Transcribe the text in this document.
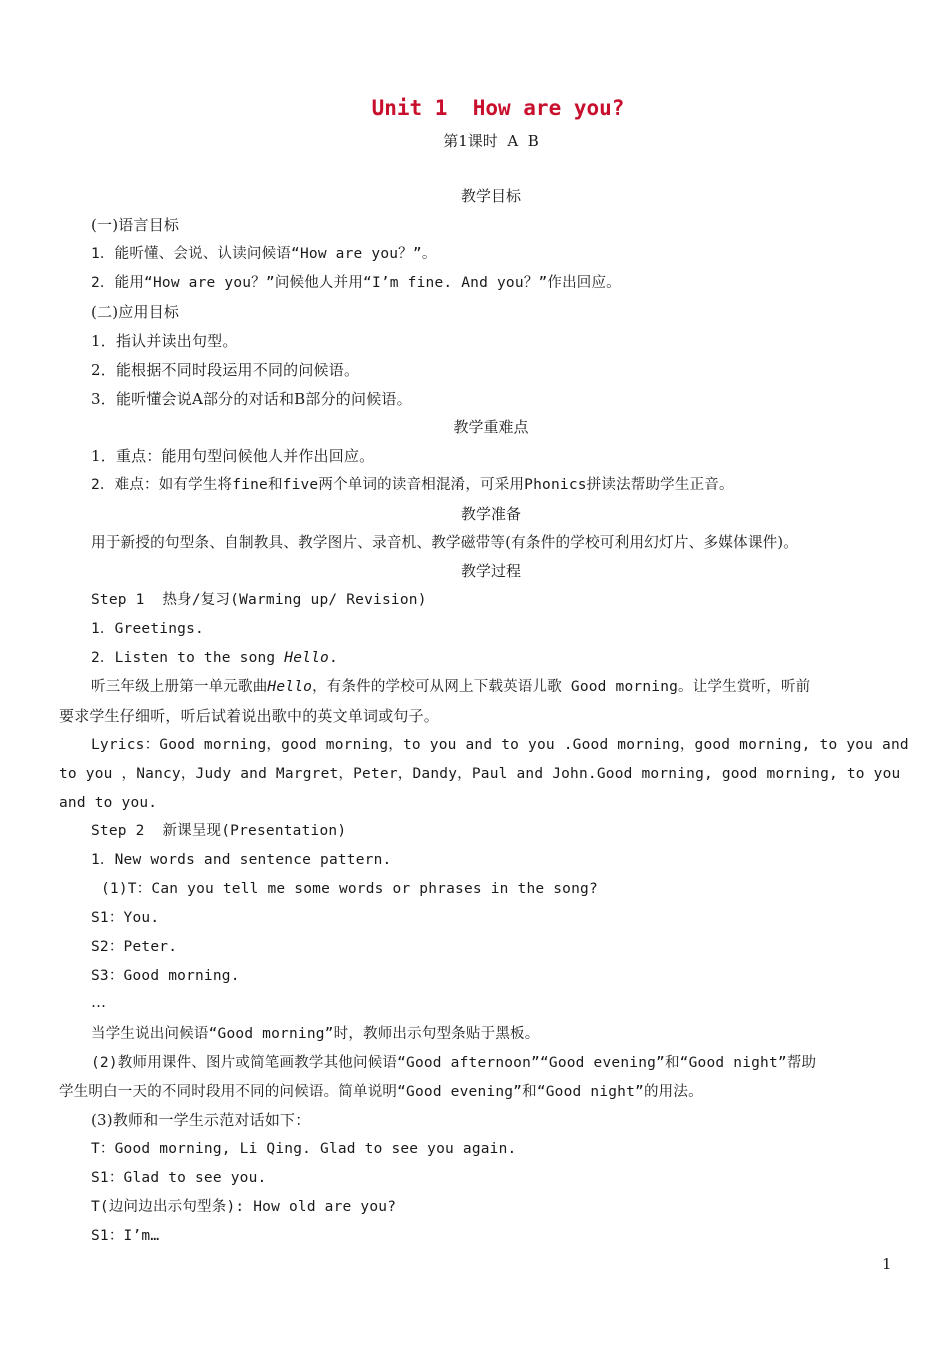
Unit 1  How are you?
第1课时  A  B
教学目标
(一)语言目标
1．能听懂、会说、认读问候语“How are you？”。
2．能用“How are you？”问候他人并用“I’m fine. And you？”作出回应。
(二)应用目标
1．指认并读出句型。
2．能根据不同时段运用不同的问候语。
3．能听懂会说A部分的对话和B部分的问候语。
教学重难点
1．重点：能用句型问候他人并作出回应。
2．难点：如有学生将fine和five两个单词的读音相混淆，可采用Phonics拼读法帮助学生正音。
教学准备
用于新授的句型条、自制教具、教学图片、录音机、教学磁带等(有条件的学校可利用幻灯片、多媒体课件)。
教学过程
Step 1  热身/复习(Warming up/ Revision)
1．Greetings.
2．Listen to the song Hello.
听三年级上册第一单元歌曲Hello，有条件的学校可从网上下载英语儿歌 Good morning。让学生赏听，听前
要求学生仔细听，听后试着说出歌中的英文单词或句子。
Lyrics：Good morning，good morning，to you and to you .Good morning，good morning, to you and
to you ，Nancy，Judy and Margret，Peter，Dandy，Paul and John.Good morning, good morning, to you
and to you.
Step 2  新课呈现(Presentation)
1．New words and sentence pattern.
(1)T：Can you tell me some words or phrases in the song?
S1：You.
S2：Peter.
S3：Good morning.
…
当学生说出问候语“Good morning”时，教师出示句型条贴于黑板。
(2)教师用课件、图片或简笔画教学其他问候语“Good afternoon”“Good evening”和“Good night”帮助
学生明白一天的不同时段用不同的问候语。简单说明“Good evening”和“Good night”的用法。
(3)教师和一学生示范对话如下：
T：Good morning, Li Qing. Glad to see you again.
S1：Glad to see you.
T(边问边出示句型条): How old are you?
S1：I’m…
1
